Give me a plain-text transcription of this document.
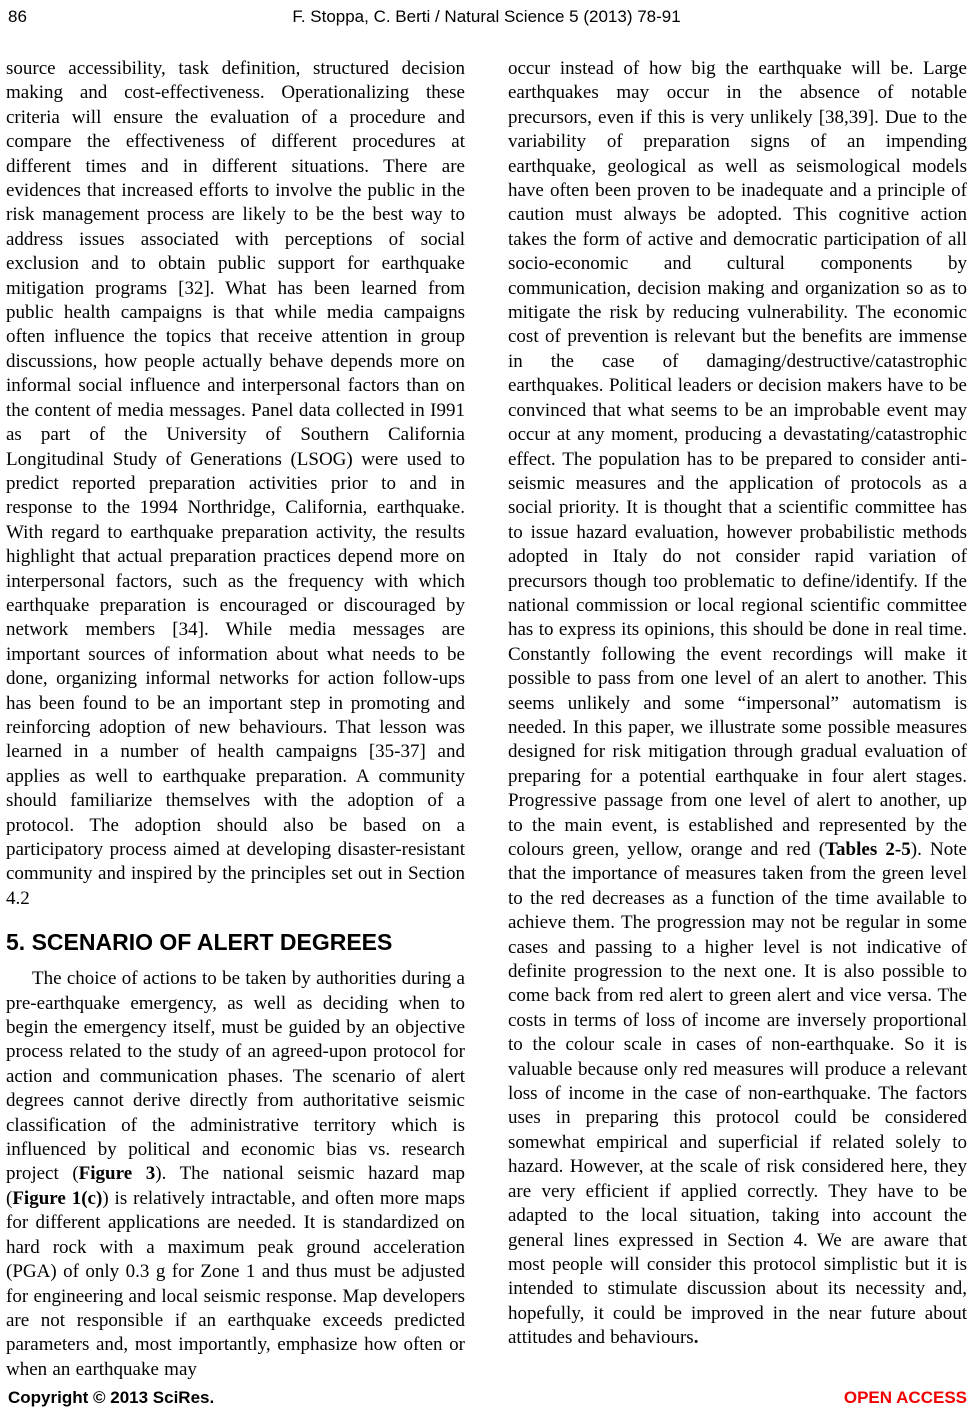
86	F. Stoppa, C. Berti / Natural Science 5 (2013) 78-91

source accessibility, task definition, structured decision making and cost-effectiveness. Operationalizing these criteria will ensure the evaluation of a procedure and compare the effectiveness of different procedures at different times and in different situations. There are evidences that increased efforts to involve the public in the risk management process are likely to be the best way to address issues associated with perceptions of social exclusion and to obtain public support for earthquake mitigation programs [32]. What has been learned from public health campaigns is that while media campaigns often influence the topics that receive attention in group discussions, how people actually behave depends more on informal social influence and interpersonal factors than on the content of media messages. Panel data collected in I991 as part of the University of Southern California Longitudinal Study of Generations (LSOG) were used to predict reported preparation activities prior to and in response to the 1994 Northridge, California, earthquake. With regard to earthquake preparation activity, the results highlight that actual preparation practices depend more on interpersonal factors, such as the frequency with which earthquake preparation is encouraged or discouraged by network members [34]. While media messages are important sources of information about what needs to be done, organizing informal networks for action follow-ups has been found to be an important step in promoting and reinforcing adoption of new behaviours. That lesson was learned in a number of health campaigns [35-37] and applies as well to earthquake preparation. A community should familiarize themselves with the adoption of a protocol. The adoption should also be based on a participatory process aimed at developing disaster-resistant community and inspired by the principles set out in Section 4.2

5. SCENARIO OF ALERT DEGREES

The choice of actions to be taken by authorities during a pre-earthquake emergency, as well as deciding when to begin the emergency itself, must be guided by an objective process related to the study of an agreed-upon protocol for action and communication phases. The scenario of alert degrees cannot derive directly from authoritative seismic classification of the administrative territory which is influenced by political and economic bias vs. research project (Figure 3). The national seismic hazard map (Figure 1(c)) is relatively intractable, and often more maps for different applications are needed. It is standardized on hard rock with a maximum peak ground acceleration (PGA) of only 0.3 g for Zone 1 and thus must be adjusted for engineering and local seismic response. Map developers are not responsible if an earthquake exceeds predicted parameters and, most importantly, emphasize how often or when an earthquake may

occur instead of how big the earthquake will be. Large earthquakes may occur in the absence of notable precursors, even if this is very unlikely [38,39]. Due to the variability of preparation signs of an impending earthquake, geological as well as seismological models have often been proven to be inadequate and a principle of caution must always be adopted. This cognitive action takes the form of active and democratic participation of all socio-economic and cultural components by communication, decision making and organization so as to mitigate the risk by reducing vulnerability. The economic cost of prevention is relevant but the benefits are immense in the case of damaging/destructive/catastrophic earthquakes. Political leaders or decision makers have to be convinced that what seems to be an improbable event may occur at any moment, producing a devastating/catastrophic effect. The population has to be prepared to consider anti-seismic measures and the application of protocols as a social priority. It is thought that a scientific committee has to issue hazard evaluation, however probabilistic methods adopted in Italy do not consider rapid variation of precursors though too problematic to define/identify. If the national commission or local regional scientific committee has to express its opinions, this should be done in real time. Constantly following the event recordings will make it possible to pass from one level of an alert to another. This seems unlikely and some “impersonal” automatism is needed. In this paper, we illustrate some possible measures designed for risk mitigation through gradual evaluation of preparing for a potential earthquake in four alert stages. Progressive passage from one level of alert to another, up to the main event, is established and represented by the colours green, yellow, orange and red (Tables 2-5). Note that the importance of measures taken from the green level to the red decreases as a function of the time available to achieve them. The progression may not be regular in some cases and passing to a higher level is not indicative of definite progression to the next one. It is also possible to come back from red alert to green alert and vice versa. The costs in terms of loss of income are inversely proportional to the colour scale in cases of non-earthquake. So it is valuable because only red measures will produce a relevant loss of income in the case of non-earthquake. The factors uses in preparing this protocol could be considered somewhat empirical and superficial if related solely to hazard. However, at the scale of risk considered here, they are very efficient if applied correctly. They have to be adapted to the local situation, taking into account the general lines expressed in Section 4. We are aware that most people will consider this protocol simplistic but it is intended to stimulate discussion about its necessity and, hopefully, it could be improved in the near future about attitudes and behaviours.

Copyright © 2013 SciRes.	OPEN ACCESS
